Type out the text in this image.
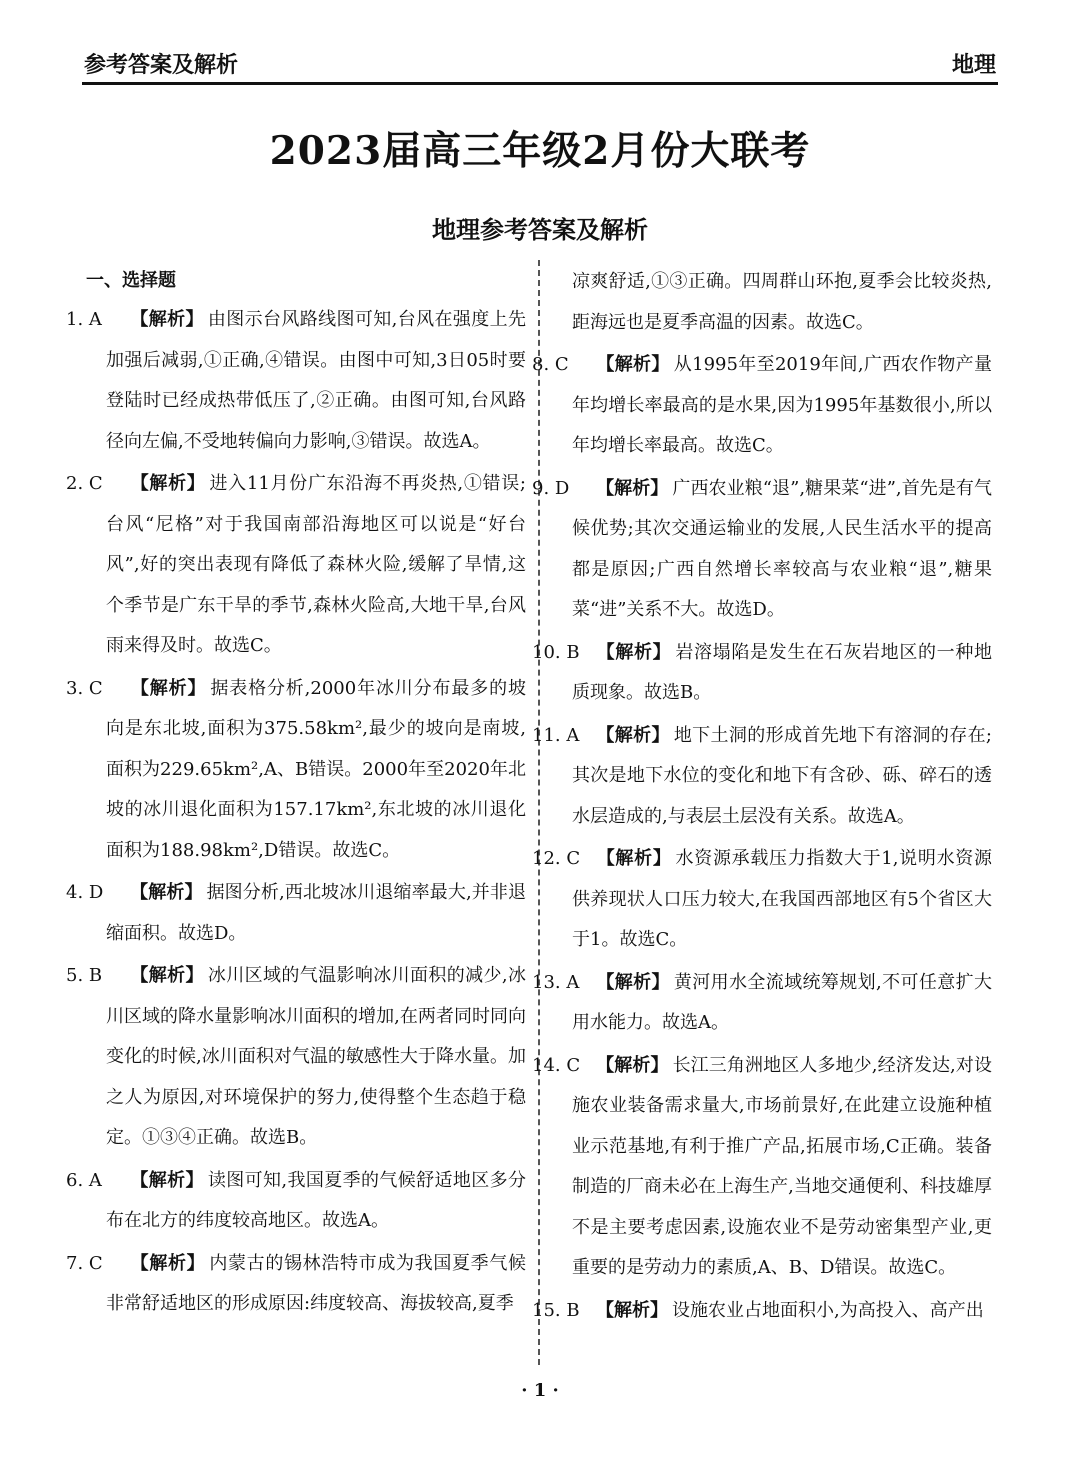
参考答案及解析	地理
2023届高三年级2月份大联考
地理参考答案及解析
一、选择题
1. A 【解析】 由图示台风路线图可知,台风在强度上先加强后减弱,①正确,④错误。由图中可知,3日05时要登陆时已经成热带低压了,②正确。由图可知,台风路径向左偏,不受地转偏向力影响,③错误。故选A。
2. C 【解析】 进入11月份广东沿海不再炎热,①错误;台风“尼格”对于我国南部沿海地区可以说是“好台风”,好的突出表现有降低了森林火险,缓解了旱情,这个季节是广东干旱的季节,森林火险高,大地干旱,台风雨来得及时。故选C。
3. C 【解析】 据表格分析,2000年冰川分布最多的坡向是东北坡,面积为375.58km²,最少的坡向是南坡,面积为229.65km²,A、B错误。2000年至2020年北坡的冰川退化面积为157.17km²,东北坡的冰川退化面积为188.98km²,D错误。故选C。
4. D 【解析】 据图分析,西北坡冰川退缩率最大,并非退缩面积。故选D。
5. B 【解析】 冰川区域的气温影响冰川面积的减少,冰川区域的降水量影响冰川面积的增加,在两者同时同向变化的时候,冰川面积对气温的敏感性大于降水量。加之人为原因,对环境保护的努力,使得整个生态趋于稳定。①③④正确。故选B。
6. A 【解析】 读图可知,我国夏季的气候舒适地区多分布在北方的纬度较高地区。故选A。
7. C 【解析】 内蒙古的锡林浩特市成为我国夏季气候非常舒适地区的形成原因:纬度较高、海拔较高,夏季
凉爽舒适,①③正确。四周群山环抱,夏季会比较炎热,距海远也是夏季高温的因素。故选C。
8. C 【解析】 从1995年至2019年间,广西农作物产量年均增长率最高的是水果,因为1995年基数很小,所以年均增长率最高。故选C。
9. D 【解析】 广西农业粮“退”,糖果菜“进”,首先是有气候优势;其次交通运输业的发展,人民生活水平的提高都是原因;广西自然增长率较高与农业粮“退”,糖果菜“进”关系不大。故选D。
10. B 【解析】 岩溶塌陷是发生在石灰岩地区的一种地质现象。故选B。
11. A 【解析】 地下土洞的形成首先地下有溶洞的存在;其次是地下水位的变化和地下有含砂、砾、碎石的透水层造成的,与表层土层没有关系。故选A。
12. C 【解析】 水资源承载压力指数大于1,说明水资源供养现状人口压力较大,在我国西部地区有5个省区大于1。故选C。
13. A 【解析】 黄河用水全流域统筹规划,不可任意扩大用水能力。故选A。
14. C 【解析】 长江三角洲地区人多地少,经济发达,对设施农业装备需求量大,市场前景好,在此建立设施种植业示范基地,有利于推广产品,拓展市场,C正确。装备制造的厂商未必在上海生产,当地交通便利、科技雄厚不是主要考虑因素,设施农业不是劳动密集型产业,更重要的是劳动力的素质,A、B、D错误。故选C。
15. B 【解析】 设施农业占地面积小,为高投入、高产出
· 1 ·
